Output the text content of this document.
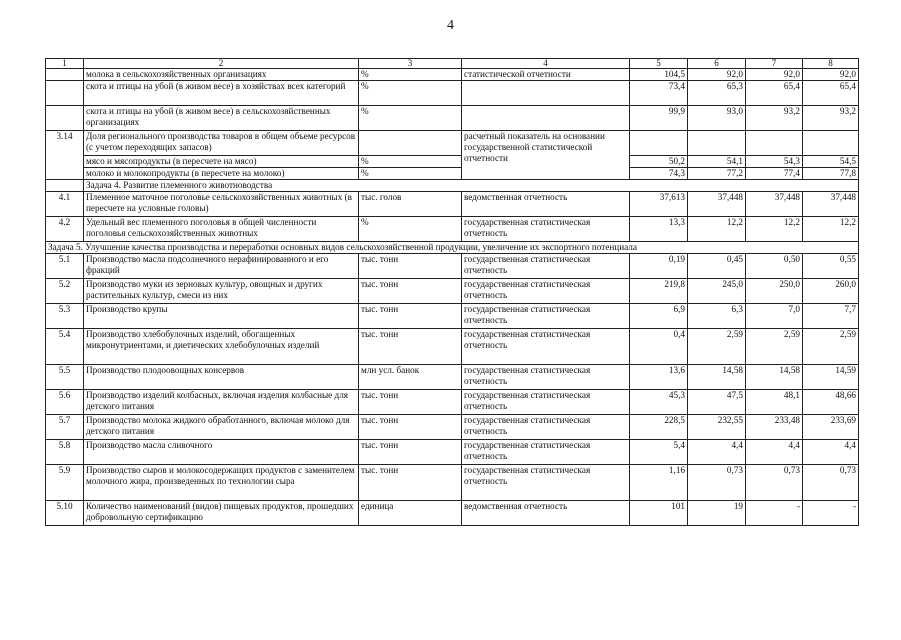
4
1	2	3	4	5	6	7	8
	молока в сельскохозяйственных организациях	%	статистической отчетности	104,5	92,0	92,0	92,0
	скота и птицы на убой (в живом весе) в хозяйствах всех категорий	%		73,4	65,3	65,4	65,4
	скота и птицы на убой (в живом весе) в сельскохозяйственных организациях	%		99,9	93,0	93,2	93,2
3.14	Доля регионального производства товаров в общем объеме ресурсов (с учетом переходящих запасов)		расчетный показатель на основании государственной статистической отчетности				
	мясо и мясопродукты (в пересчете на мясо)	%		50,2	54,1	54,3	54,5
	молоко и молокопродукты (в пересчете на молоко)	%		74,3	77,2	77,4	77,8
	Задача 4. Развитие племенного животноводства						
4.1	Племенное маточное поголовье сельскохозяйственных животных (в пересчете на условные головы)	тыс. голов	ведомственная отчетность	37,613	37,448	37,448	37,448
4.2	Удельный вес племенного поголовья в общей численности поголовья сельскохозяйственных животных	%	государственная статистическая отчетность	13,3	12,2	12,2	12,2
Задача 5. Улучшение качества производства и переработки основных видов сельскохозяйственной продукции, увеличение их экспортного потенциала							
5.1	Производство масла подсолнечного нерафинированного и его фракций	тыс. тонн	государственная статистическая отчетность	0,19	0,45	0,50	0,55
5.2	Производство муки из зерновых культур, овощных и других растительных культур, смеси из них	тыс. тонн	государственная статистическая отчетность	219,8	245,0	250,0	260,0
5.3	Производство крупы	тыс. тонн	государственная статистическая отчетность	6,9	6,3	7,0	7,7
5.4	Производство хлебобулочных изделий, обогащенных микронутриентами, и диетических хлебобулочных изделий	тыс. тонн	государственная статистическая отчетность	0,4	2,59	2,59	2,59
5.5	Производство плодоовощных консервов	млн усл. банок	государственная статистическая отчетность	13,6	14,58	14,58	14,59
5.6	Производство изделий колбасных, включая изделия колбасные для детского питания	тыс. тонн	государственная статистическая отчетность	45,3	47,5	48,1	48,66
5.7	Производство молока жидкого обработанного, включая молоко для детского питания	тыс. тонн	государственная статистическая отчетность	228,5	232,55	233,48	233,69
5.8	Производство масла сливочного	тыс. тонн	государственная статистическая отчетность	5,4	4,4	4,4	4,4
5.9	Производство сыров и молокосодержащих продуктов с заменителем молочного жира, произведенных по технологии сыра	тыс. тонн	государственная статистическая отчетность	1,16	0,73	0,73	0,73
5.10	Количество наименований (видов) пищевых продуктов, прошедших добровольную сертификацию	единица	ведомственная отчетность	101	19	-	-
